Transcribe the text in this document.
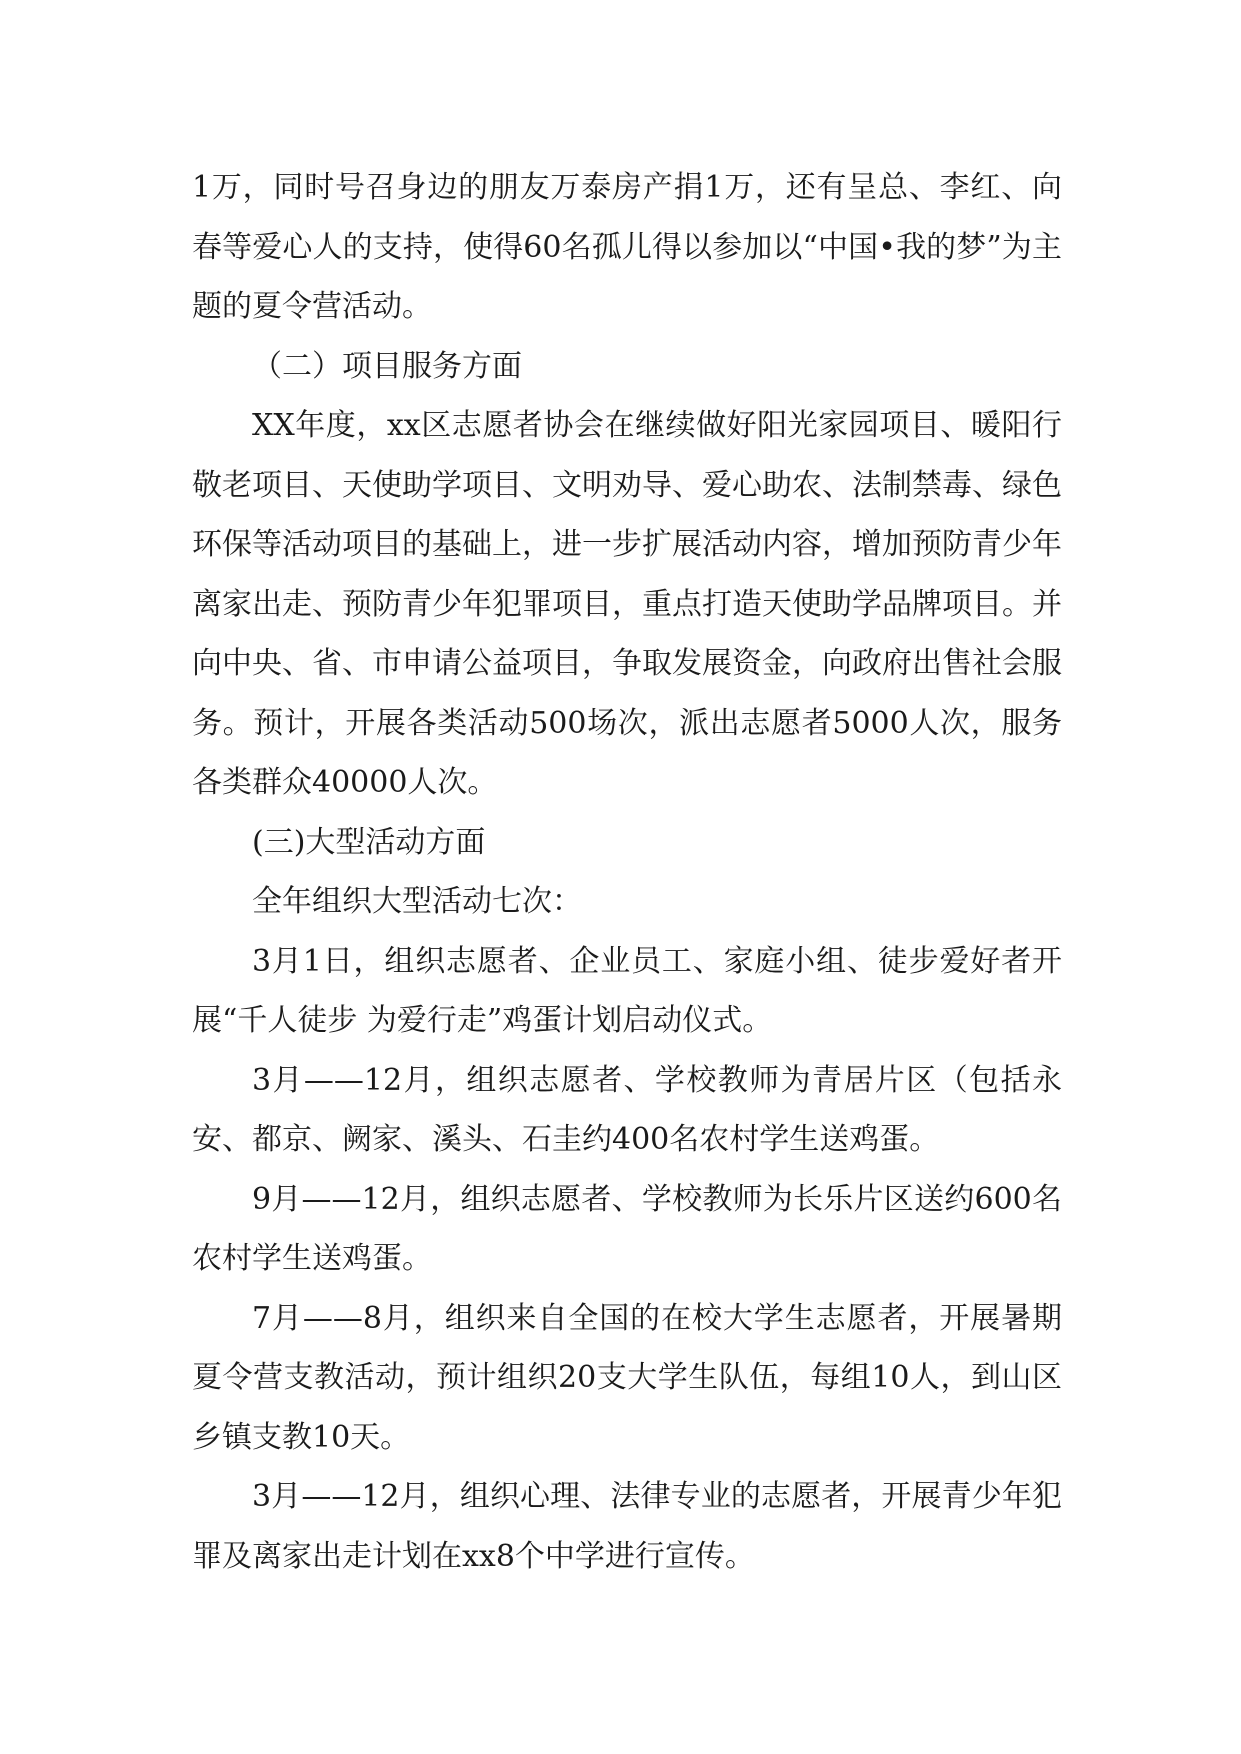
1万，同时号召身边的朋友万泰房产捐1万，还有呈总、李红、向春等爱心人的支持，使得60名孤儿得以参加以“中国•我的梦”为主题的夏令营活动。

（二）项目服务方面

XX年度，xx区志愿者协会在继续做好阳光家园项目、暖阳行敬老项目、天使助学项目、文明劝导、爱心助农、法制禁毒、绿色环保等活动项目的基础上，进一步扩展活动内容，增加预防青少年离家出走、预防青少年犯罪项目，重点打造天使助学品牌项目。并向中央、省、市申请公益项目，争取发展资金，向政府出售社会服务。预计，开展各类活动500场次，派出志愿者5000人次，服务各类群众40000人次。

(三)大型活动方面

全年组织大型活动七次：

3月1日，组织志愿者、企业员工、家庭小组、徒步爱好者开展“千人徒步 为爱行走”鸡蛋计划启动仪式。

3月——12月，组织志愿者、学校教师为青居片区（包括永安、都京、阙家、溪头、石圭约400名农村学生送鸡蛋。

9月——12月，组织志愿者、学校教师为长乐片区送约600名农村学生送鸡蛋。

7月——8月，组织来自全国的在校大学生志愿者，开展暑期夏令营支教活动，预计组织20支大学生队伍，每组10人，到山区乡镇支教10天。

3月——12月，组织心理、法律专业的志愿者，开展青少年犯罪及离家出走计划在xx8个中学进行宣传。
